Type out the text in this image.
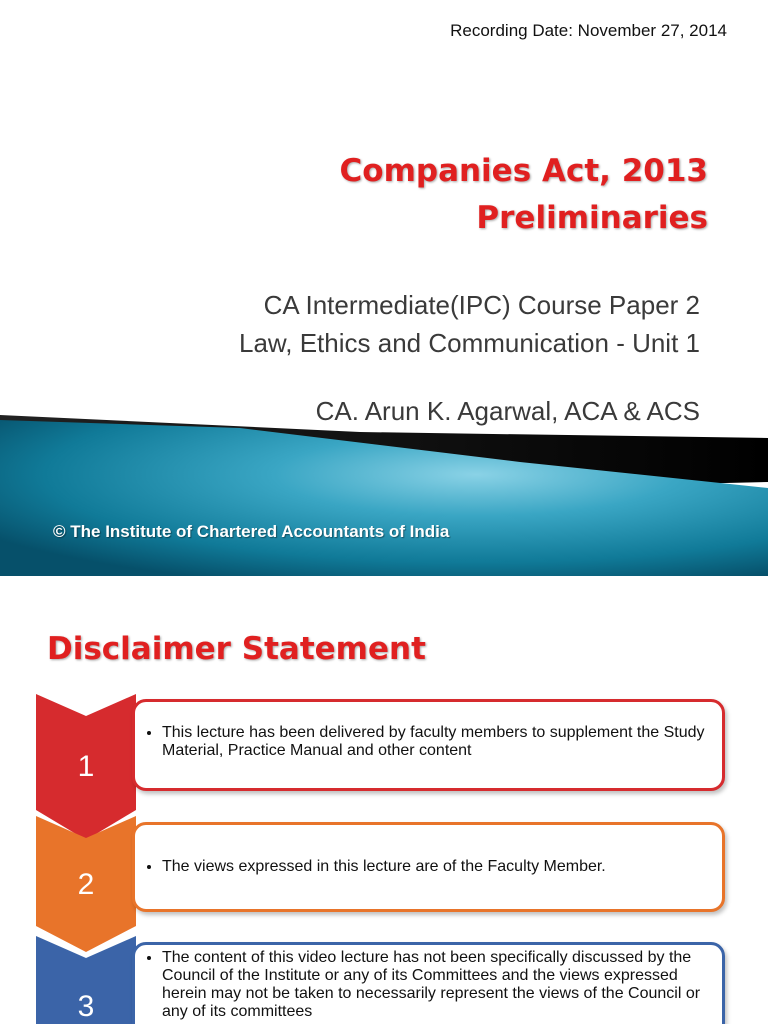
Recording Date: November 27, 2014
Companies Act, 2013
Preliminaries
CA Intermediate(IPC) Course Paper 2
Law, Ethics and Communication - Unit 1
CA. Arun K. Agarwal, ACA & ACS
© The Institute of Chartered Accountants of India
Disclaimer Statement
1
• This lecture has been delivered by faculty members to supplement the Study Material, Practice Manual and other content
2
• The views expressed in this lecture are of the Faculty Member.
3
• The content of this video lecture has not been specifically discussed by the Council of the Institute or any of its Committees and the views expressed herein may not be taken to necessarily represent the views of the Council or any of its committees
